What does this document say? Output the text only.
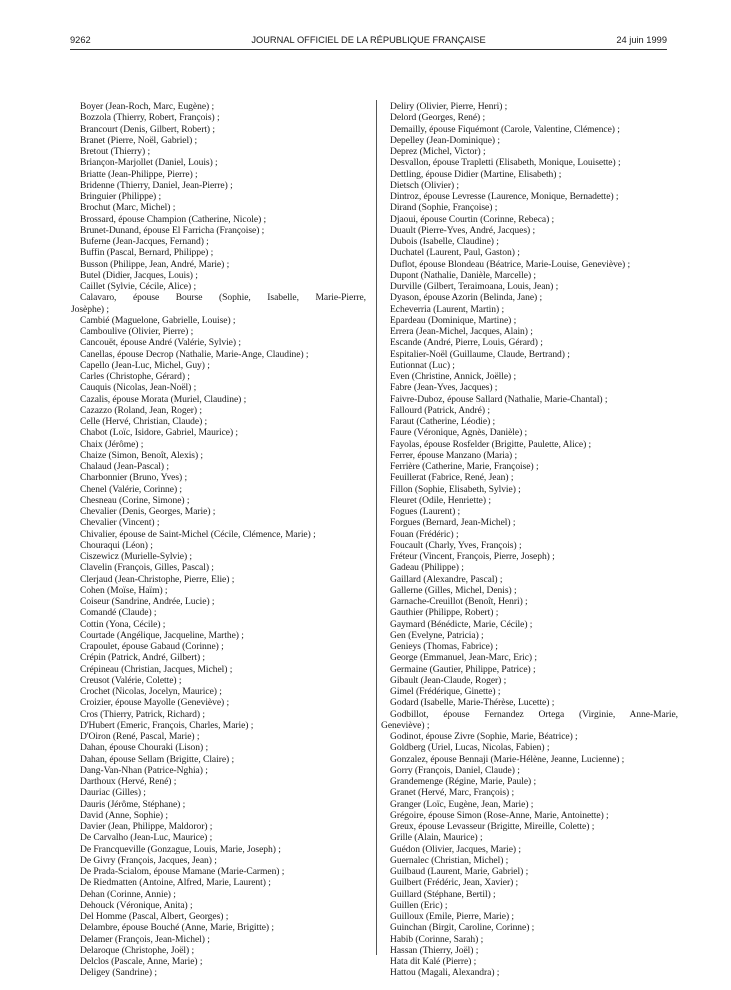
9262	JOURNAL OFFICIEL DE LA RÉPUBLIQUE FRANÇAISE	24 juin 1999
Boyer (Jean-Roch, Marc, Eugène) ;
Bozzola (Thierry, Robert, François) ;
Brancourt (Denis, Gilbert, Robert) ;
Branet (Pierre, Noël, Gabriel) ;
Bretout (Thierry) ;
Briançon-Marjollet (Daniel, Louis) ;
Briatte (Jean-Philippe, Pierre) ;
Bridenne (Thierry, Daniel, Jean-Pierre) ;
Bringuier (Philippe) ;
Brochut (Marc, Michel) ;
Brossard, épouse Champion (Catherine, Nicole) ;
Brunet-Dunand, épouse El Farricha (Françoise) ;
Buferne (Jean-Jacques, Fernand) ;
Buffin (Pascal, Bernard, Philippe) ;
Busson (Philippe, Jean, André, Marie) ;
Butel (Didier, Jacques, Louis) ;
Caillet (Sylvie, Cécile, Alice) ;
Calavaro, épouse Bourse (Sophie, Isabelle, Marie-Pierre,
Josèphe) ;
Cambié (Maguelone, Gabrielle, Louise) ;
Camboulive (Olivier, Pierre) ;
Cancouët, épouse André (Valérie, Sylvie) ;
Canellas, épouse Decrop (Nathalie, Marie-Ange, Claudine) ;
Capello (Jean-Luc, Michel, Guy) ;
Carles (Christophe, Gérard) ;
Cauquis (Nicolas, Jean-Noël) ;
Cazalis, épouse Morata (Muriel, Claudine) ;
Cazazzo (Roland, Jean, Roger) ;
Celle (Hervé, Christian, Claude) ;
Chabot (Loïc, Isidore, Gabriel, Maurice) ;
Chaix (Jérôme) ;
Chaize (Simon, Benoît, Alexis) ;
Chalaud (Jean-Pascal) ;
Charbonnier (Bruno, Yves) ;
Chenel (Valérie, Corinne) ;
Chesneau (Corine, Simone) ;
Chevalier (Denis, Georges, Marie) ;
Chevalier (Vincent) ;
Chivalier, épouse de Saint-Michel (Cécile, Clémence, Marie) ;
Chouraqui (Léon) ;
Ciszewicz (Murielle-Sylvie) ;
Clavelin (François, Gilles, Pascal) ;
Clerjaud (Jean-Christophe, Pierre, Elie) ;
Cohen (Moïse, Haïm) ;
Coiseur (Sandrine, Andrée, Lucie) ;
Comandé (Claude) ;
Cottin (Yona, Cécile) ;
Courtade (Angélique, Jacqueline, Marthe) ;
Crapoulet, épouse Gabaud (Corinne) ;
Crépin (Patrick, André, Gilbert) ;
Crépineau (Christian, Jacques, Michel) ;
Creusot (Valérie, Colette) ;
Crochet (Nicolas, Jocelyn, Maurice) ;
Croizier, épouse Mayolle (Geneviève) ;
Cros (Thierry, Patrick, Richard) ;
D'Hubert (Emeric, François, Charles, Marie) ;
D'Oiron (René, Pascal, Marie) ;
Dahan, épouse Chouraki (Lison) ;
Dahan, épouse Sellam (Brigitte, Claire) ;
Dang-Van-Nhan (Patrice-Nghia) ;
Darthoux (Hervé, René) ;
Dauriac (Gilles) ;
Dauris (Jérôme, Stéphane) ;
David (Anne, Sophie) ;
Davier (Jean, Philippe, Maldoror) ;
De Carvalho (Jean-Luc, Maurice) ;
De Francqueville (Gonzague, Louis, Marie, Joseph) ;
De Givry (François, Jacques, Jean) ;
De Prada-Scialom, épouse Mamane (Marie-Carmen) ;
De Riedmatten (Antoine, Alfred, Marie, Laurent) ;
Dehan (Corinne, Annie) ;
Dehouck (Véronique, Anita) ;
Del Homme (Pascal, Albert, Georges) ;
Delambre, épouse Bouché (Anne, Marie, Brigitte) ;
Delamer (François, Jean-Michel) ;
Delaroque (Christophe, Joël) ;
Delclos (Pascale, Anne, Marie) ;
Deligey (Sandrine) ;
Deliry (Olivier, Pierre, Henri) ;
Delord (Georges, René) ;
Demailly, épouse Fiquémont (Carole, Valentine, Clémence) ;
Depelley (Jean-Dominique) ;
Deprez (Michel, Victor) ;
Desvallon, épouse Trapletti (Elisabeth, Monique, Louisette) ;
Dettling, épouse Didier (Martine, Elisabeth) ;
Dietsch (Olivier) ;
Dintroz, épouse Levresse (Laurence, Monique, Bernadette) ;
Dirand (Sophie, Françoise) ;
Djaoui, épouse Courtin (Corinne, Rebeca) ;
Duault (Pierre-Yves, André, Jacques) ;
Dubois (Isabelle, Claudine) ;
Duchatel (Laurent, Paul, Gaston) ;
Duflot, épouse Blondeau (Béatrice, Marie-Louise, Geneviève) ;
Dupont (Nathalie, Danièle, Marcelle) ;
Durville (Gilbert, Teraimoana, Louis, Jean) ;
Dyason, épouse Azorin (Belinda, Jane) ;
Echeverria (Laurent, Martin) ;
Epardeau (Dominique, Martine) ;
Errera (Jean-Michel, Jacques, Alain) ;
Escande (André, Pierre, Louis, Gérard) ;
Espitalier-Noël (Guillaume, Claude, Bertrand) ;
Eutionnat (Luc) ;
Even (Christine, Annick, Joëlle) ;
Fabre (Jean-Yves, Jacques) ;
Faivre-Duboz, épouse Sallard (Nathalie, Marie-Chantal) ;
Fallourd (Patrick, André) ;
Faraut (Catherine, Léodie) ;
Faure (Véronique, Agnès, Danièle) ;
Fayolas, épouse Rosfelder (Brigitte, Paulette, Alice) ;
Ferrer, épouse Manzano (Maria) ;
Ferrière (Catherine, Marie, Françoise) ;
Feuillerat (Fabrice, René, Jean) ;
Fillon (Sophie, Elisabeth, Sylvie) ;
Fleuret (Odile, Henriette) ;
Fogues (Laurent) ;
Forgues (Bernard, Jean-Michel) ;
Fouan (Frédéric) ;
Foucault (Charly, Yves, François) ;
Fréteur (Vincent, François, Pierre, Joseph) ;
Gadeau (Philippe) ;
Gaillard (Alexandre, Pascal) ;
Gallerne (Gilles, Michel, Denis) ;
Garnache-Creuillot (Benoît, Henri) ;
Gauthier (Philippe, Robert) ;
Gaymard (Bénédicte, Marie, Cécile) ;
Gen (Evelyne, Patricia) ;
Genieys (Thomas, Fabrice) ;
George (Emmanuel, Jean-Marc, Eric) ;
Germaine (Gautier, Philippe, Patrice) ;
Gibault (Jean-Claude, Roger) ;
Gimel (Frédérique, Ginette) ;
Godard (Isabelle, Marie-Thérèse, Lucette) ;
Godbillot, épouse Fernandez Ortega (Virginie, Anne-Marie,
Geneviève) ;
Godinot, épouse Zivre (Sophie, Marie, Béatrice) ;
Goldberg (Uriel, Lucas, Nicolas, Fabien) ;
Gonzalez, épouse Bennaji (Marie-Hélène, Jeanne, Lucienne) ;
Gorry (François, Daniel, Claude) ;
Grandemenge (Régine, Marie, Paule) ;
Granet (Hervé, Marc, François) ;
Granger (Loïc, Eugène, Jean, Marie) ;
Grégoire, épouse Simon (Rose-Anne, Marie, Antoinette) ;
Greux, épouse Levasseur (Brigitte, Mireille, Colette) ;
Grille (Alain, Maurice) ;
Guédon (Olivier, Jacques, Marie) ;
Guernalec (Christian, Michel) ;
Guilbaud (Laurent, Marie, Gabriel) ;
Guilbert (Frédéric, Jean, Xavier) ;
Guillard (Stéphane, Bertil) ;
Guillen (Eric) ;
Guilloux (Emile, Pierre, Marie) ;
Guinchan (Birgit, Caroline, Corinne) ;
Habib (Corinne, Sarah) ;
Hassan (Thierry, Joël) ;
Hata dit Kalé (Pierre) ;
Hattou (Magali, Alexandra) ;
